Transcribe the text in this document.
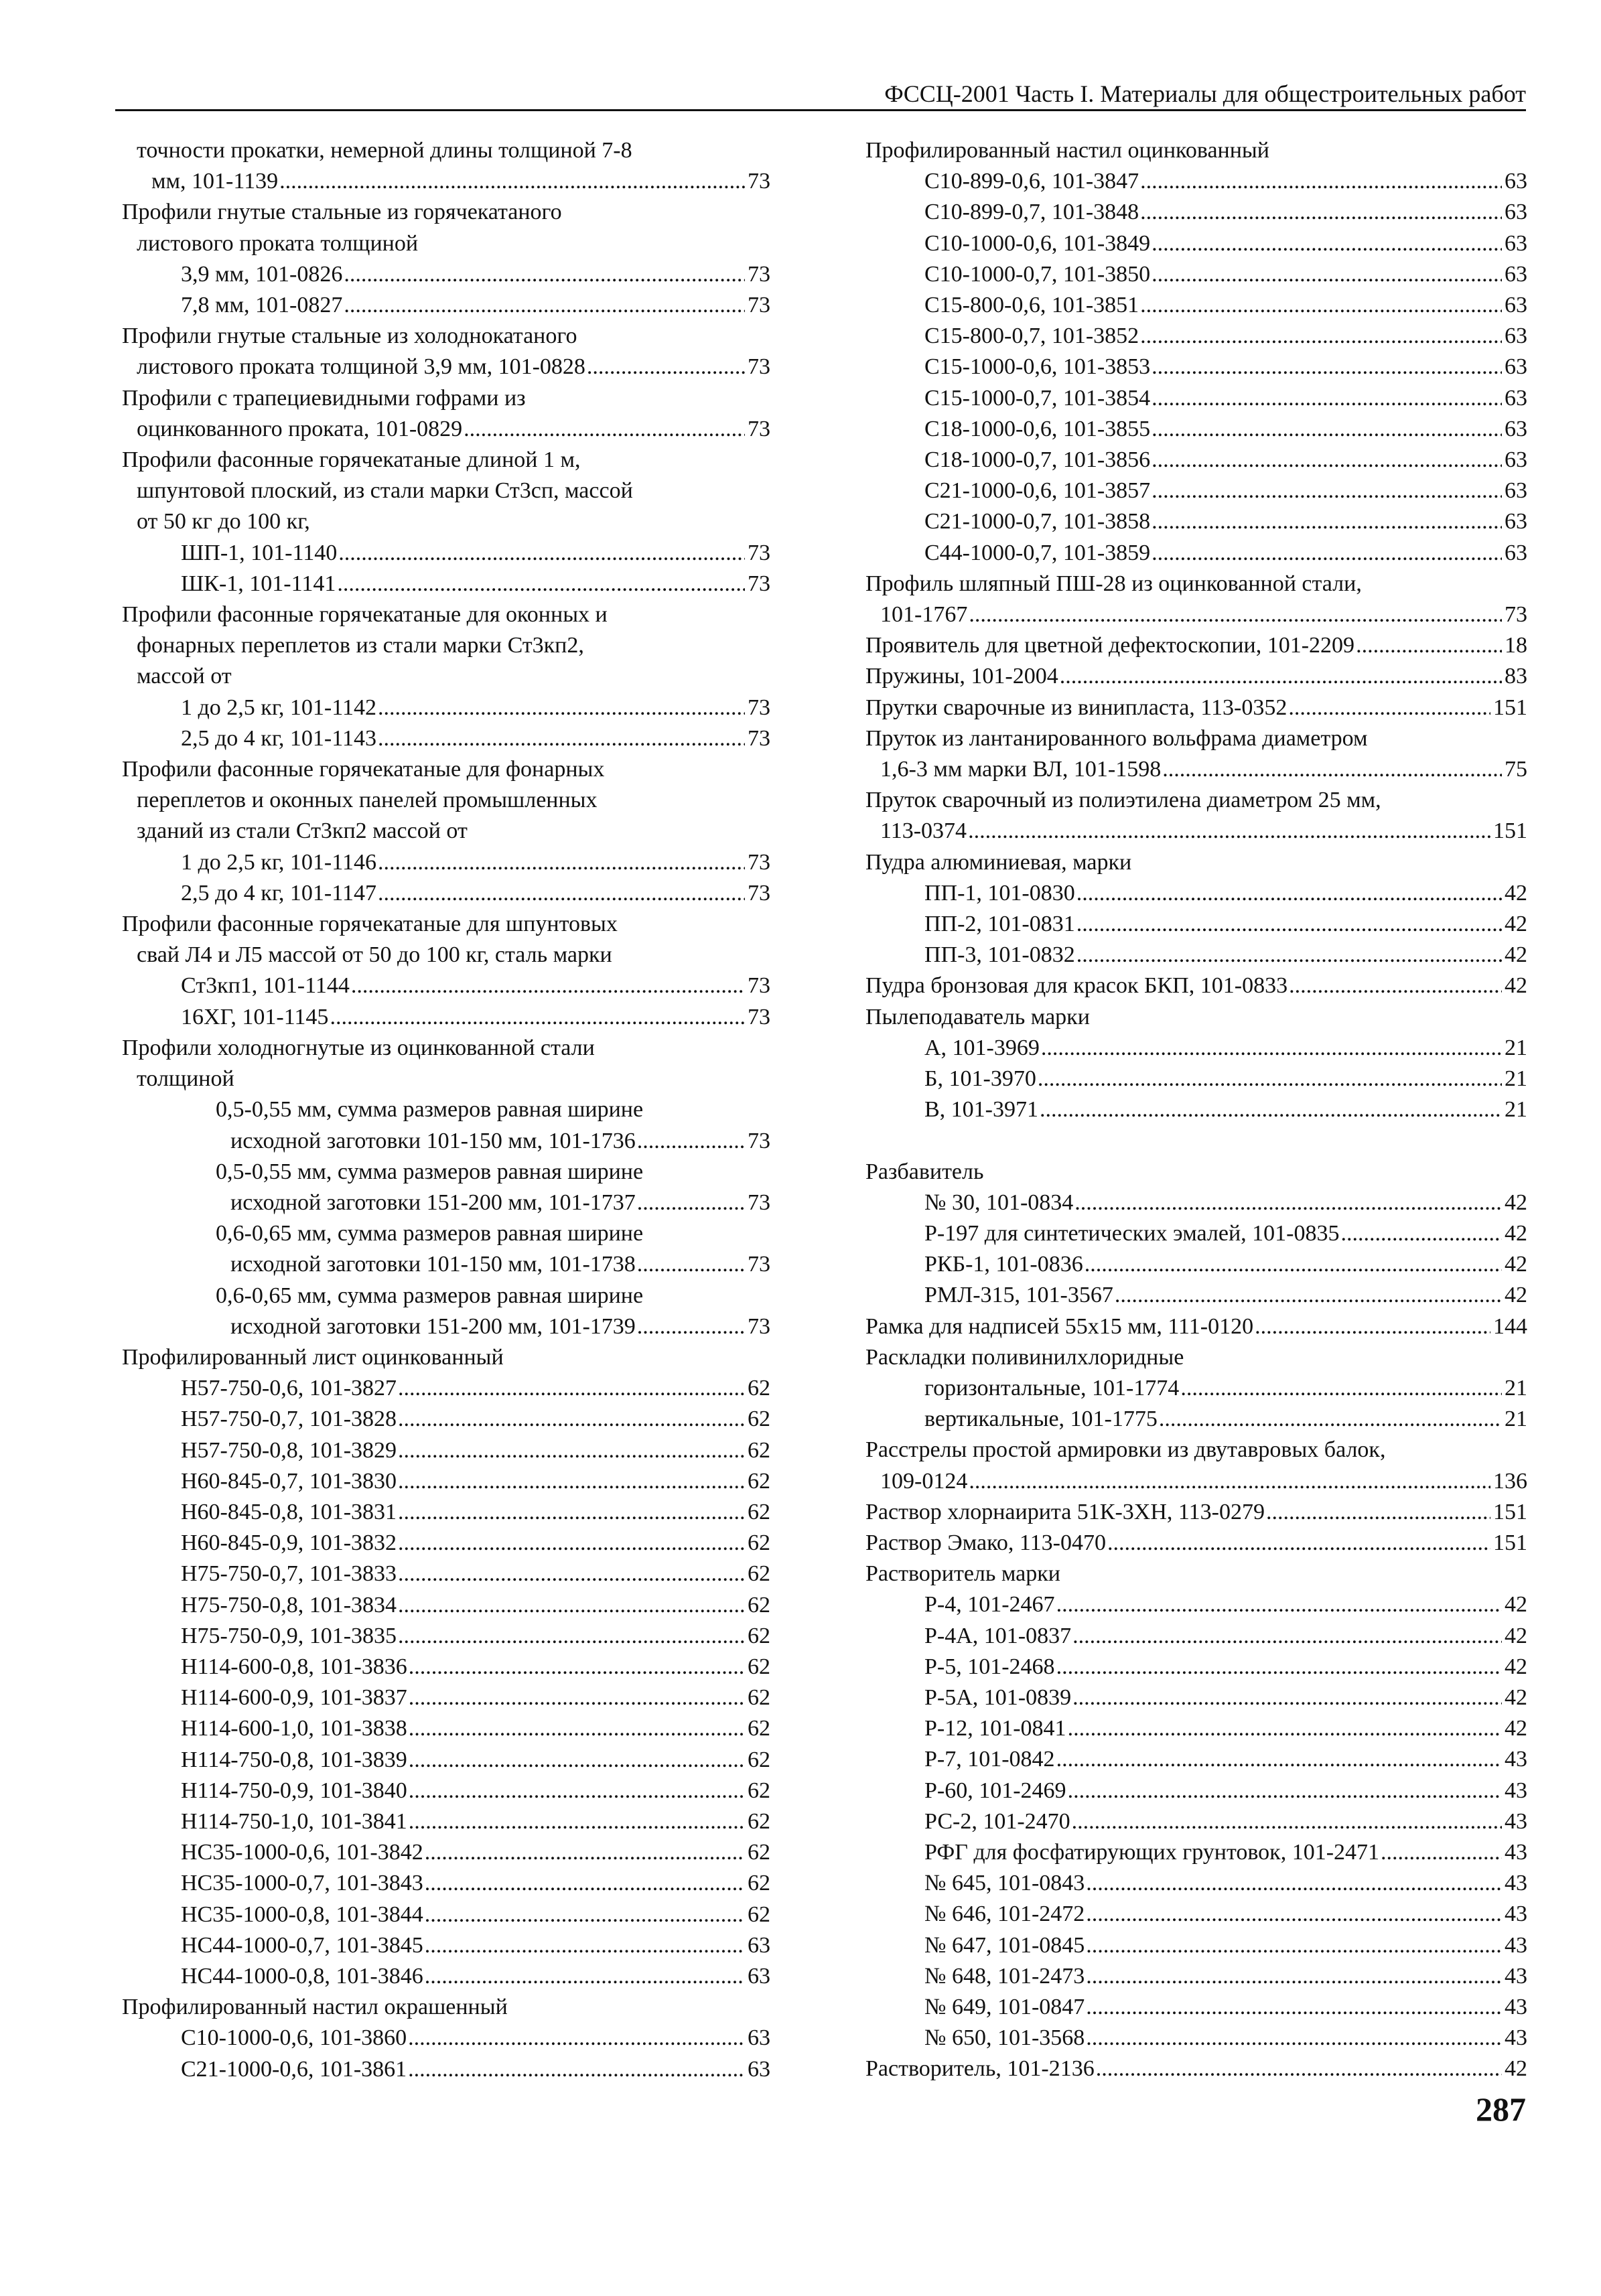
ФССЦ-2001 Часть I. Материалы для общестроительных работ
точности прокатки, немерной длины толщиной 7-8
мм, 101-1139 .....	73
Профили гнутые стальные из горячекатаного
листового проката толщиной
3,9 мм, 101-0826 .....	73
7,8 мм, 101-0827 .....	73
Профили гнутые стальные из холоднокатаного
листового проката толщиной 3,9 мм, 101-0828 .....	73
Профили с трапециевидными гофрами из
оцинкованного проката, 101-0829 .....	73
Профили фасонные горячекатаные длиной 1 м,
шпунтовой плоский, из стали марки Ст3сп, массой
от 50 кг до 100 кг,
ШП-1, 101-1140 .....	73
ШК-1, 101-1141 .....	73
Профили фасонные горячекатаные для оконных и
фонарных переплетов из стали марки Ст3кп2,
массой от
1 до 2,5 кг, 101-1142 .....	73
2,5 до 4 кг, 101-1143 .....	73
Профили фасонные горячекатаные для фонарных
переплетов и оконных панелей промышленных
зданий из стали Ст3кп2 массой от
1 до 2,5 кг, 101-1146 .....	73
2,5 до 4 кг, 101-1147 .....	73
Профили фасонные горячекатаные для шпунтовых
свай Л4 и Л5 массой от 50 до 100 кг, сталь марки
Ст3кп1, 101-1144 .....	73
16ХГ, 101-1145 .....	73
Профили холодногнутые из оцинкованной стали
толщиной
0,5-0,55 мм, сумма размеров равная ширине
исходной заготовки 101-150 мм, 101-1736 .....	73
0,5-0,55 мм, сумма размеров равная ширине
исходной заготовки 151-200 мм, 101-1737 .....	73
0,6-0,65 мм, сумма размеров равная ширине
исходной заготовки 101-150 мм, 101-1738 .....	73
0,6-0,65 мм, сумма размеров равная ширине
исходной заготовки 151-200 мм, 101-1739 .....	73
Профилированный лист оцинкованный
Н57-750-0,6, 101-3827 .....	62
Н57-750-0,7, 101-3828 .....	62
Н57-750-0,8, 101-3829 .....	62
Н60-845-0,7, 101-3830 .....	62
Н60-845-0,8, 101-3831 .....	62
Н60-845-0,9, 101-3832 .....	62
Н75-750-0,7, 101-3833 .....	62
Н75-750-0,8, 101-3834 .....	62
Н75-750-0,9, 101-3835 .....	62
Н114-600-0,8, 101-3836 .....	62
Н114-600-0,9, 101-3837 .....	62
Н114-600-1,0, 101-3838 .....	62
Н114-750-0,8, 101-3839 .....	62
Н114-750-0,9, 101-3840 .....	62
Н114-750-1,0, 101-3841 .....	62
НС35-1000-0,6, 101-3842 .....	62
НС35-1000-0,7, 101-3843 .....	62
НС35-1000-0,8, 101-3844 .....	62
НС44-1000-0,7, 101-3845 .....	63
НС44-1000-0,8, 101-3846 .....	63
Профилированный настил окрашенный
С10-1000-0,6, 101-3860 .....	63
С21-1000-0,6, 101-3861 .....	63
Профилированный настил оцинкованный
С10-899-0,6, 101-3847 .....	63
С10-899-0,7, 101-3848 .....	63
С10-1000-0,6, 101-3849 .....	63
С10-1000-0,7, 101-3850 .....	63
С15-800-0,6, 101-3851 .....	63
С15-800-0,7, 101-3852 .....	63
С15-1000-0,6, 101-3853 .....	63
С15-1000-0,7, 101-3854 .....	63
С18-1000-0,6, 101-3855 .....	63
С18-1000-0,7, 101-3856 .....	63
С21-1000-0,6, 101-3857 .....	63
С21-1000-0,7, 101-3858 .....	63
С44-1000-0,7, 101-3859 .....	63
Профиль шляпный ПШ-28 из оцинкованной стали,
101-1767 .....	73
Проявитель для цветной дефектоскопии, 101-2209 .....	18
Пружины, 101-2004 .....	83
Прутки сварочные из винипласта, 113-0352 .....	151
Пруток из лантанированного вольфрама диаметром
1,6-3 мм марки ВЛ, 101-1598 .....	75
Пруток сварочный из полиэтилена диаметром 25 мм,
113-0374 .....	151
Пудра алюминиевая, марки
ПП-1, 101-0830 .....	42
ПП-2, 101-0831 .....	42
ПП-3, 101-0832 .....	42
Пудра бронзовая для красок БКП, 101-0833 .....	42
Пылеподаватель марки
А, 101-3969 .....	21
Б, 101-3970 .....	21
В, 101-3971 .....	21
Разбавитель
№ 30, 101-0834 .....	42
Р-197 для синтетических эмалей, 101-0835 .....	42
РКБ-1, 101-0836 .....	42
РМЛ-315, 101-3567 .....	42
Рамка для надписей 55х15 мм, 111-0120 .....	144
Раскладки поливинилхлоридные
горизонтальные, 101-1774 .....	21
вертикальные, 101-1775 .....	21
Расстрелы простой армировки из двутавровых балок,
109-0124 .....	136
Раствор хлорнаирита 51К-3ХН, 113-0279 .....	151
Раствор Эмако, 113-0470 .....	151
Растворитель марки
Р-4, 101-2467 .....	42
Р-4А, 101-0837 .....	42
Р-5, 101-2468 .....	42
Р-5А, 101-0839 .....	42
Р-12, 101-0841 .....	42
Р-7, 101-0842 .....	43
Р-60, 101-2469 .....	43
РС-2, 101-2470 .....	43
РФГ для фосфатирующих грунтовок, 101-2471 .....	43
№ 645, 101-0843 .....	43
№ 646, 101-2472 .....	43
№ 647, 101-0845 .....	43
№ 648, 101-2473 .....	43
№ 649, 101-0847 .....	43
№ 650, 101-3568 .....	43
Растворитель, 101-2136 .....	42
287
